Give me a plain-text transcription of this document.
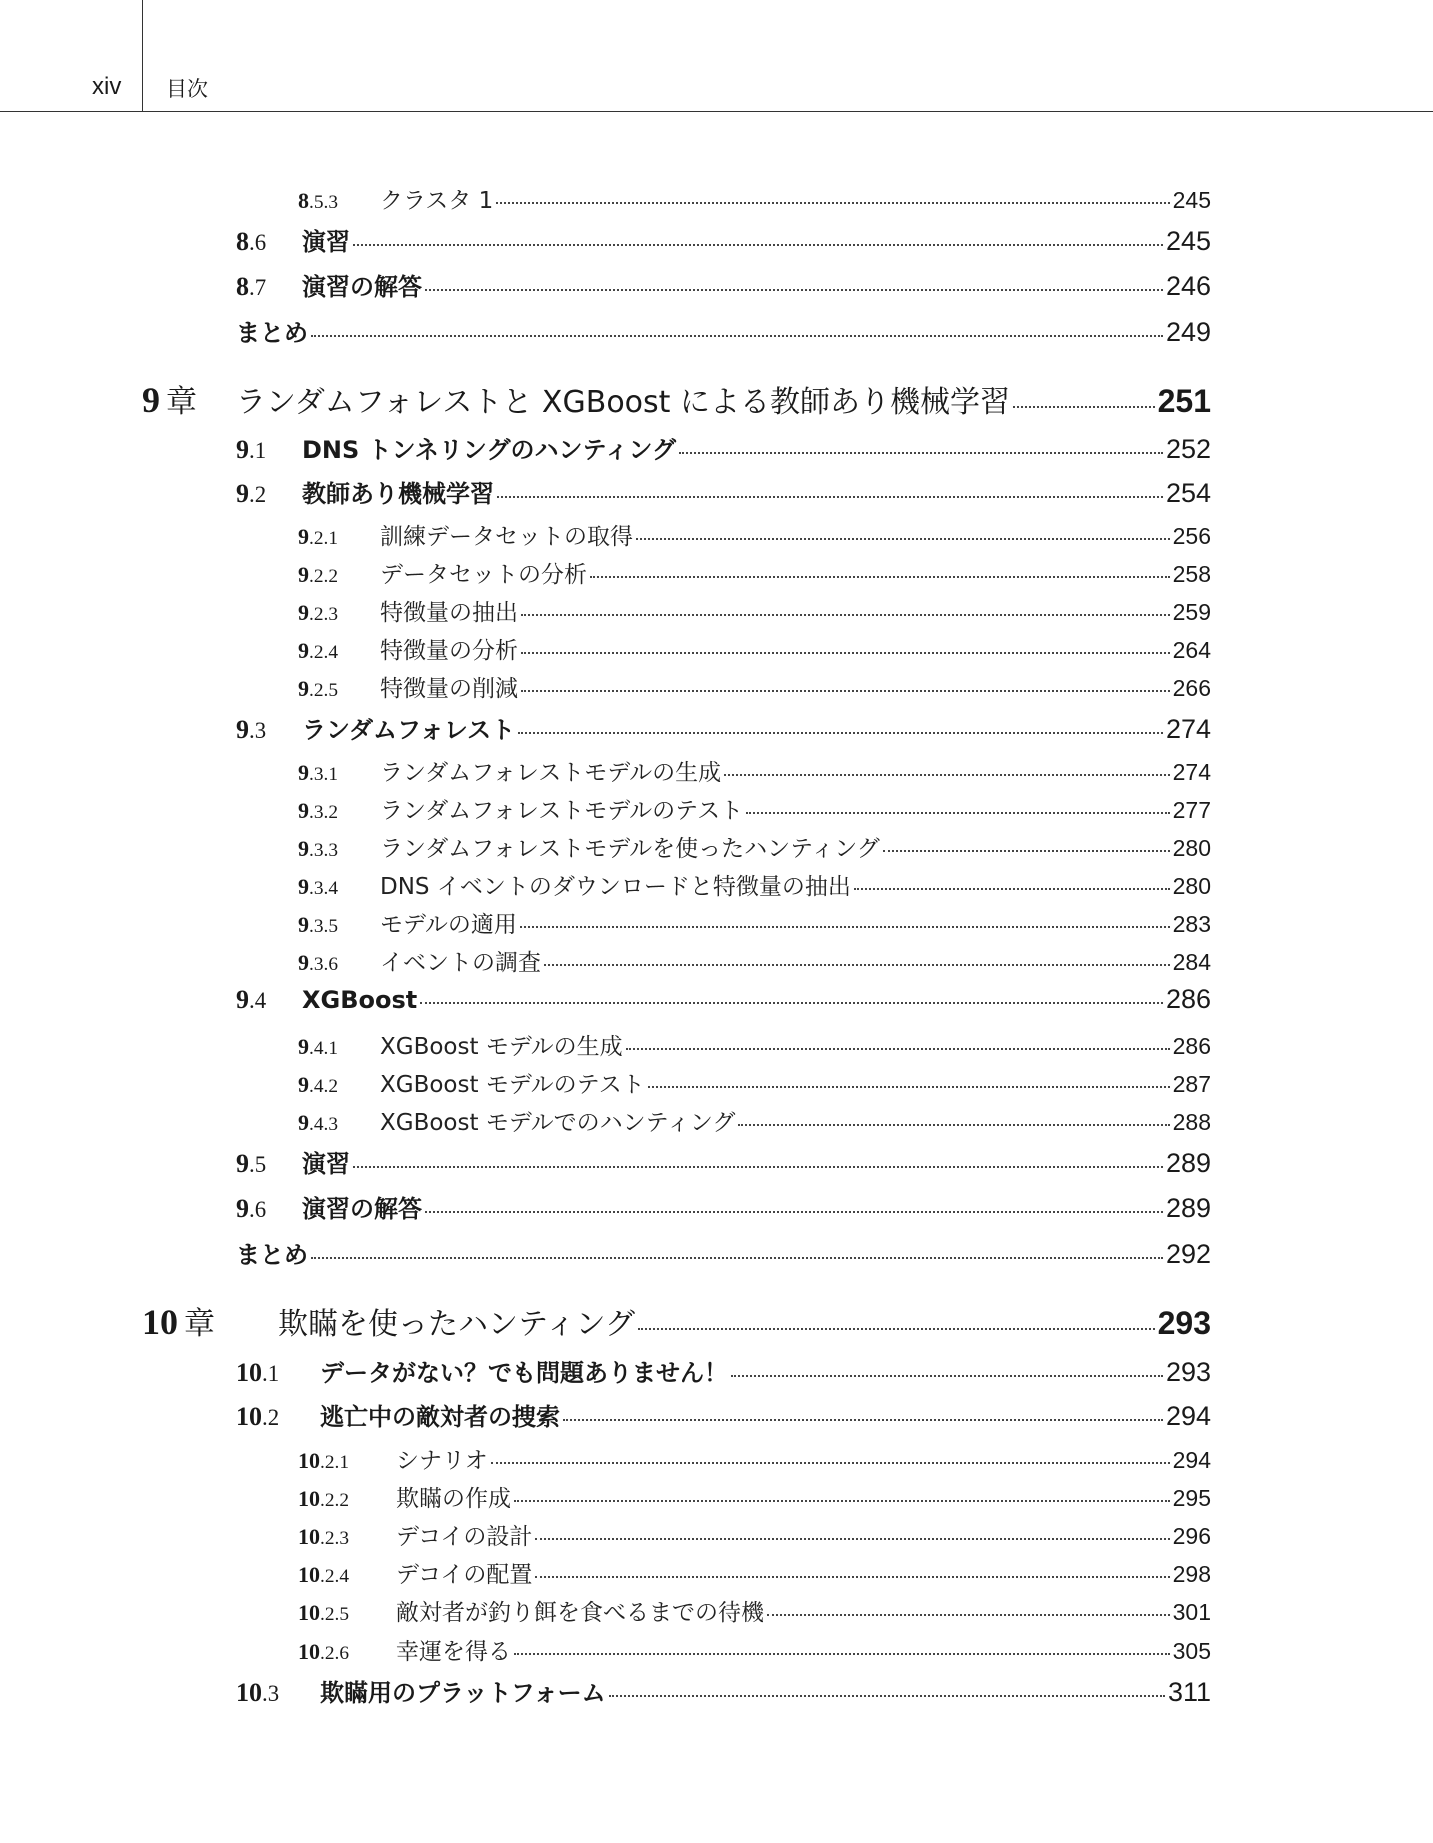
xiv 目次
8.5.3	クラスタ 1	245
8.6	演習	245
8.7	演習の解答	246
まとめ	249
9 章	ランダムフォレストと XGBoost による教師あり機械学習	251
9.1	DNS トンネリングのハンティング	252
9.2	教師あり機械学習	254
9.2.1	訓練データセットの取得	256
9.2.2	データセットの分析	258
9.2.3	特徴量の抽出	259
9.2.4	特徴量の分析	264
9.2.5	特徴量の削減	266
9.3	ランダムフォレスト	274
9.3.1	ランダムフォレストモデルの生成	274
9.3.2	ランダムフォレストモデルのテスト	277
9.3.3	ランダムフォレストモデルを使ったハンティング	280
9.3.4	DNS イベントのダウンロードと特徴量の抽出	280
9.3.5	モデルの適用	283
9.3.6	イベントの調査	284
9.4	XGBoost	286
9.4.1	XGBoost モデルの生成	286
9.4.2	XGBoost モデルのテスト	287
9.4.3	XGBoost モデルでのハンティング	288
9.5	演習	289
9.6	演習の解答	289
まとめ	292
10 章	欺瞞を使ったハンティング	293
10.1	データがない？でも問題ありません！	293
10.2	逃亡中の敵対者の捜索	294
10.2.1	シナリオ	294
10.2.2	欺瞞の作成	295
10.2.3	デコイの設計	296
10.2.4	デコイの配置	298
10.2.5	敵対者が釣り餌を食べるまでの待機	301
10.2.6	幸運を得る	305
10.3	欺瞞用のプラットフォーム	311
